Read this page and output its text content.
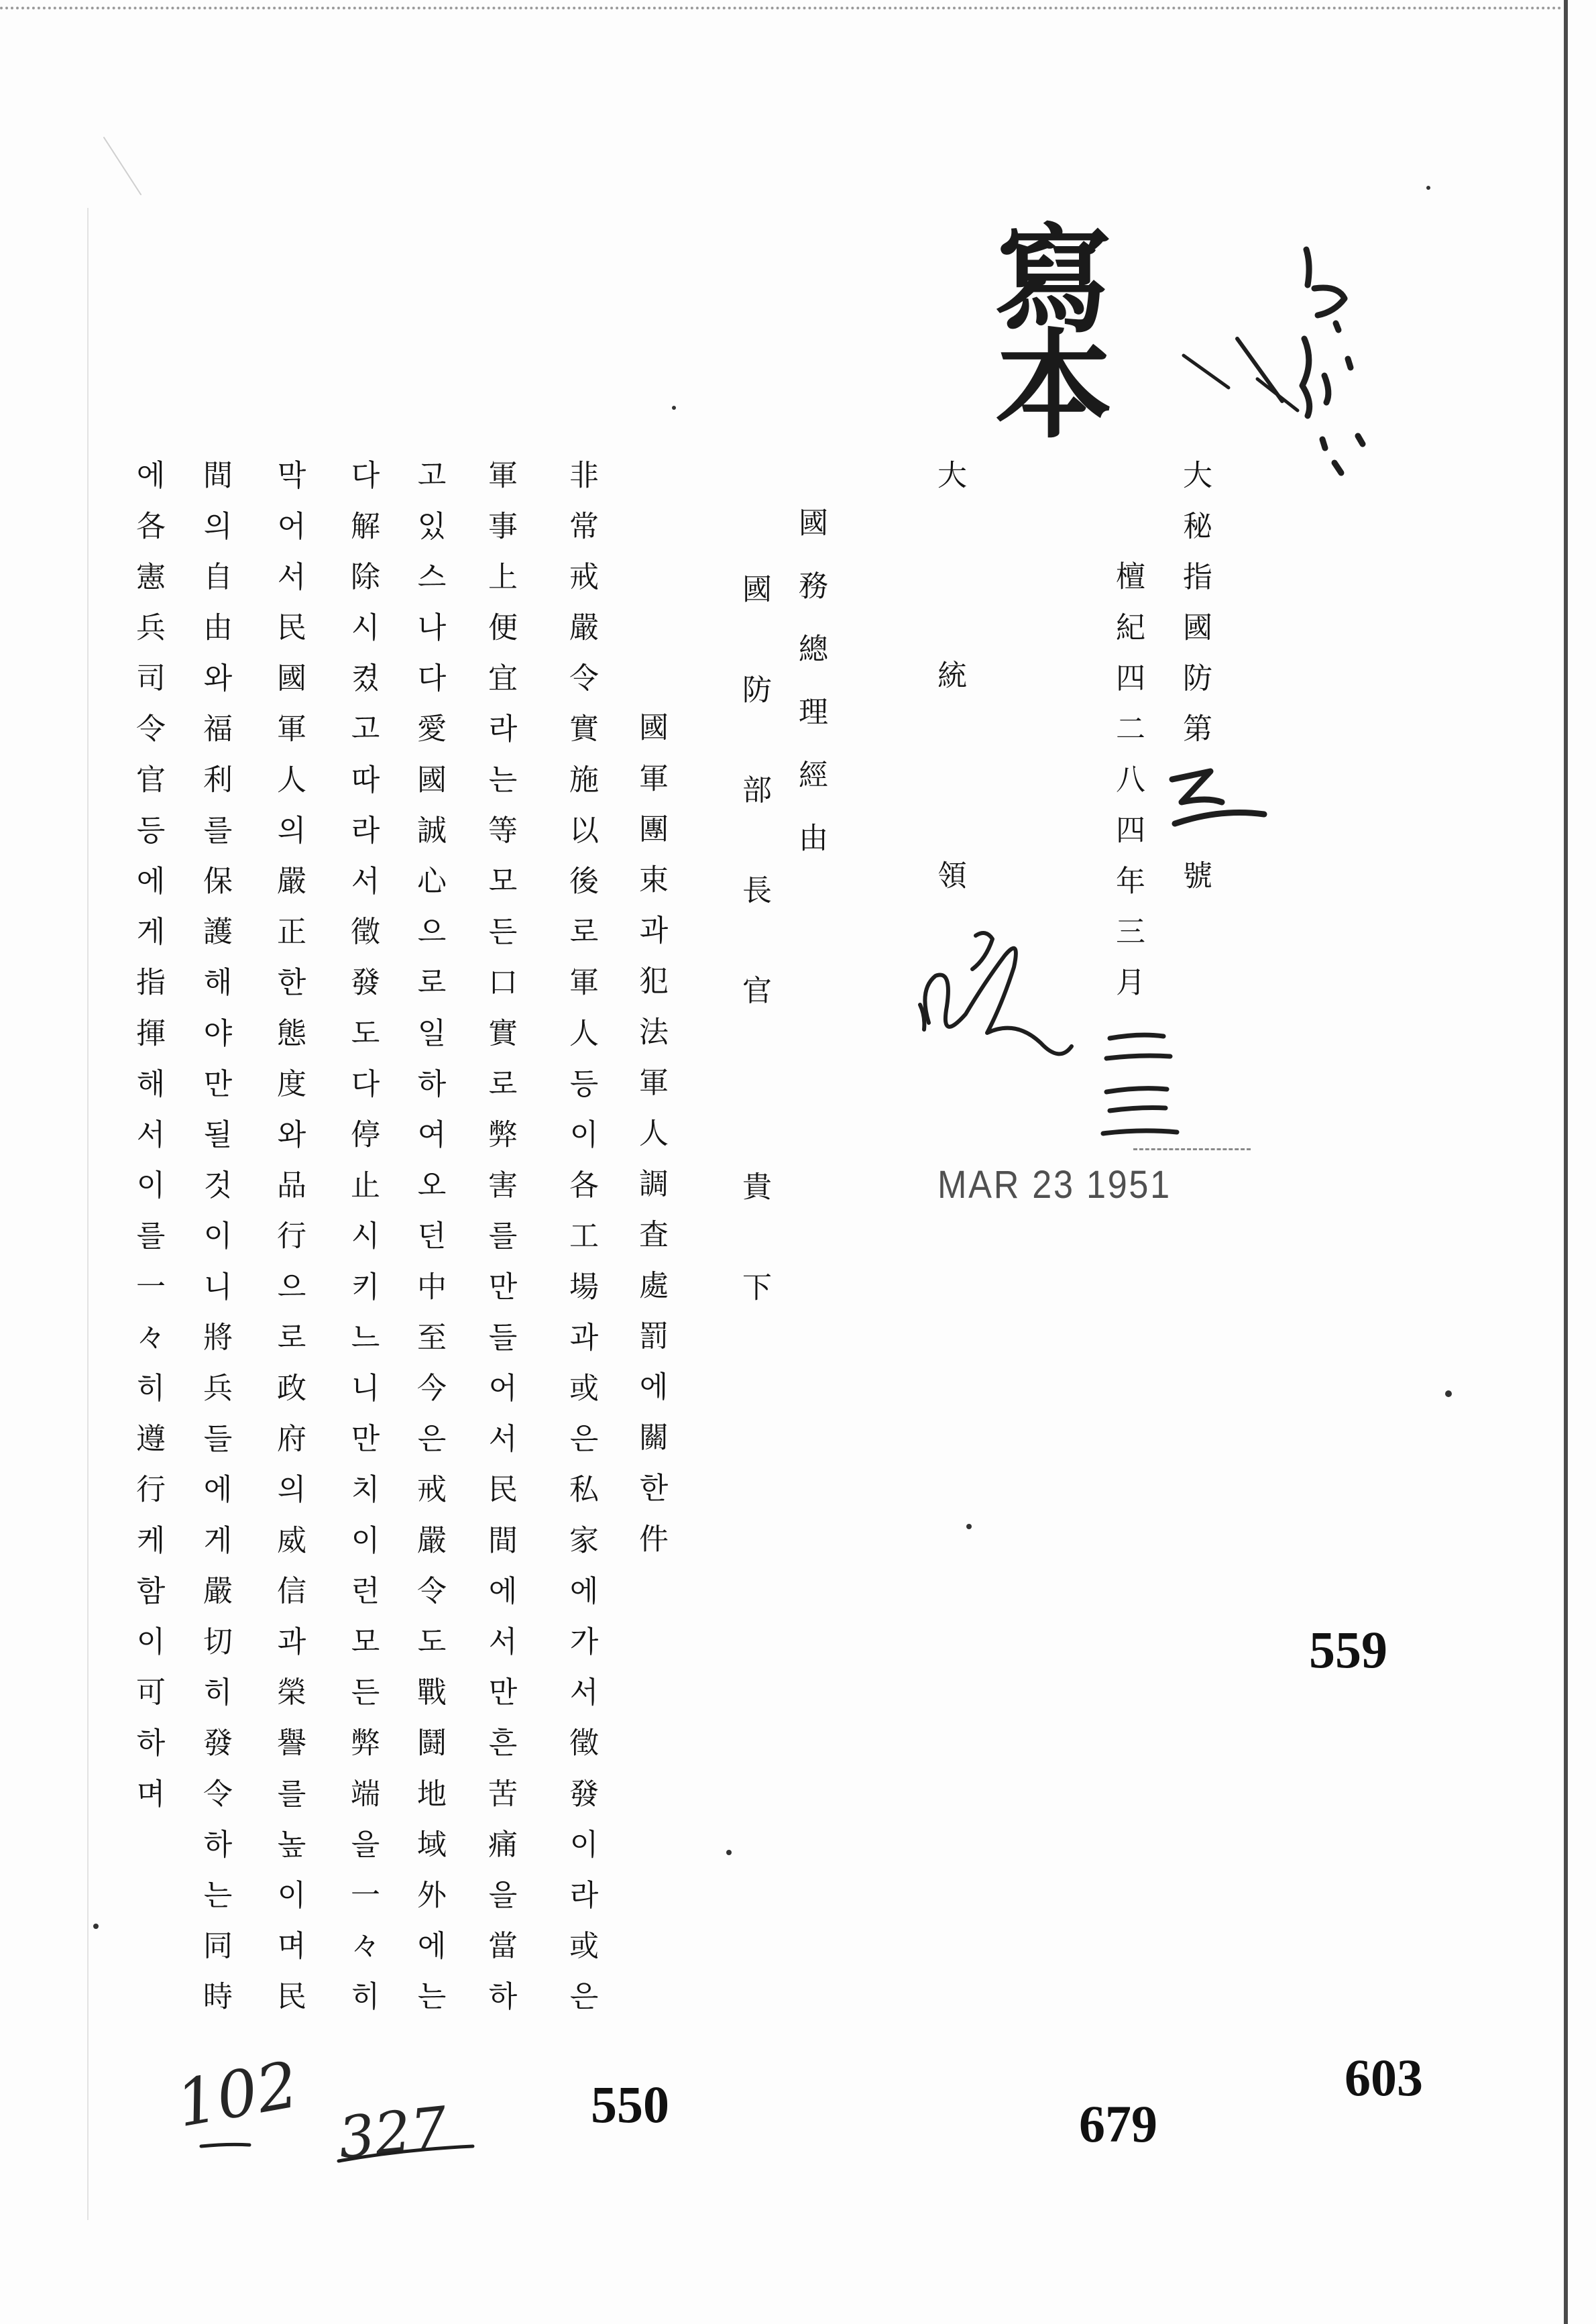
寫本
大秘指國防第
號
檀紀四二八四年三月
大統領
國務總理經由
國防部長官
貴下	MAR 23 1951
國軍團束과犯法軍人調査處罰에關한件
非常戒嚴令實施以後로軍人등이各工場과或은私家에가서徵發이라或은
軍事上便宜라는等모든口實로弊害를만들어서民間에서만흔苦痛을當하
고있스나다愛國誠心으로일하여오던中至今은戒嚴令도戰鬪地域外에는
다解除시켰고따라서徵發도다停止시키느니만치이런모든弊端을一々히
막어서民國軍人의嚴正한態度와品行으로政府의威信과榮譽를높이며民
間의自由와福利를保護해야만될것이니將兵들에게嚴切히發令하는同時
에各憲兵司令官등에게指揮해서이를一々히遵行케함이可하며	559
550	679
603
102 327
